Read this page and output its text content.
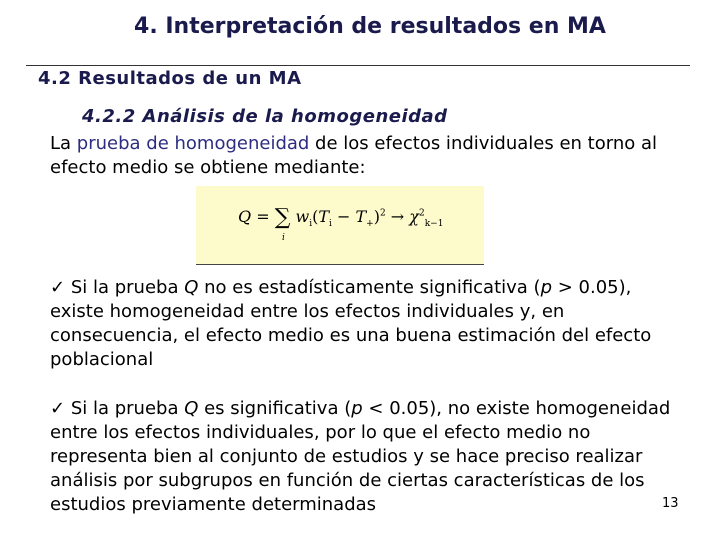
4. Interpretación de resultados en MA
4.2 Resultados de un MA
4.2.2 Análisis de la homogeneidad
La prueba de homogeneidad de los efectos individuales en torno al efecto medio se obtiene mediante:
Q = ∑
i
$w_i(T_i - T_+)^2 \to \chi^2_{k-1}$
✓ Si la prueba Q no es estadísticamente significativa (p > 0.05), existe homogeneidad entre los efectos individuales y, en consecuencia, el efecto medio es una buena estimación del efecto poblacional
✓ Si la prueba Q es significativa (p < 0.05), no existe homogeneidad entre los efectos individuales, por lo que el efecto medio no representa bien al conjunto de estudios y se hace preciso realizar análisis por subgrupos en función de ciertas características de los estudios previamente determinadas	13
